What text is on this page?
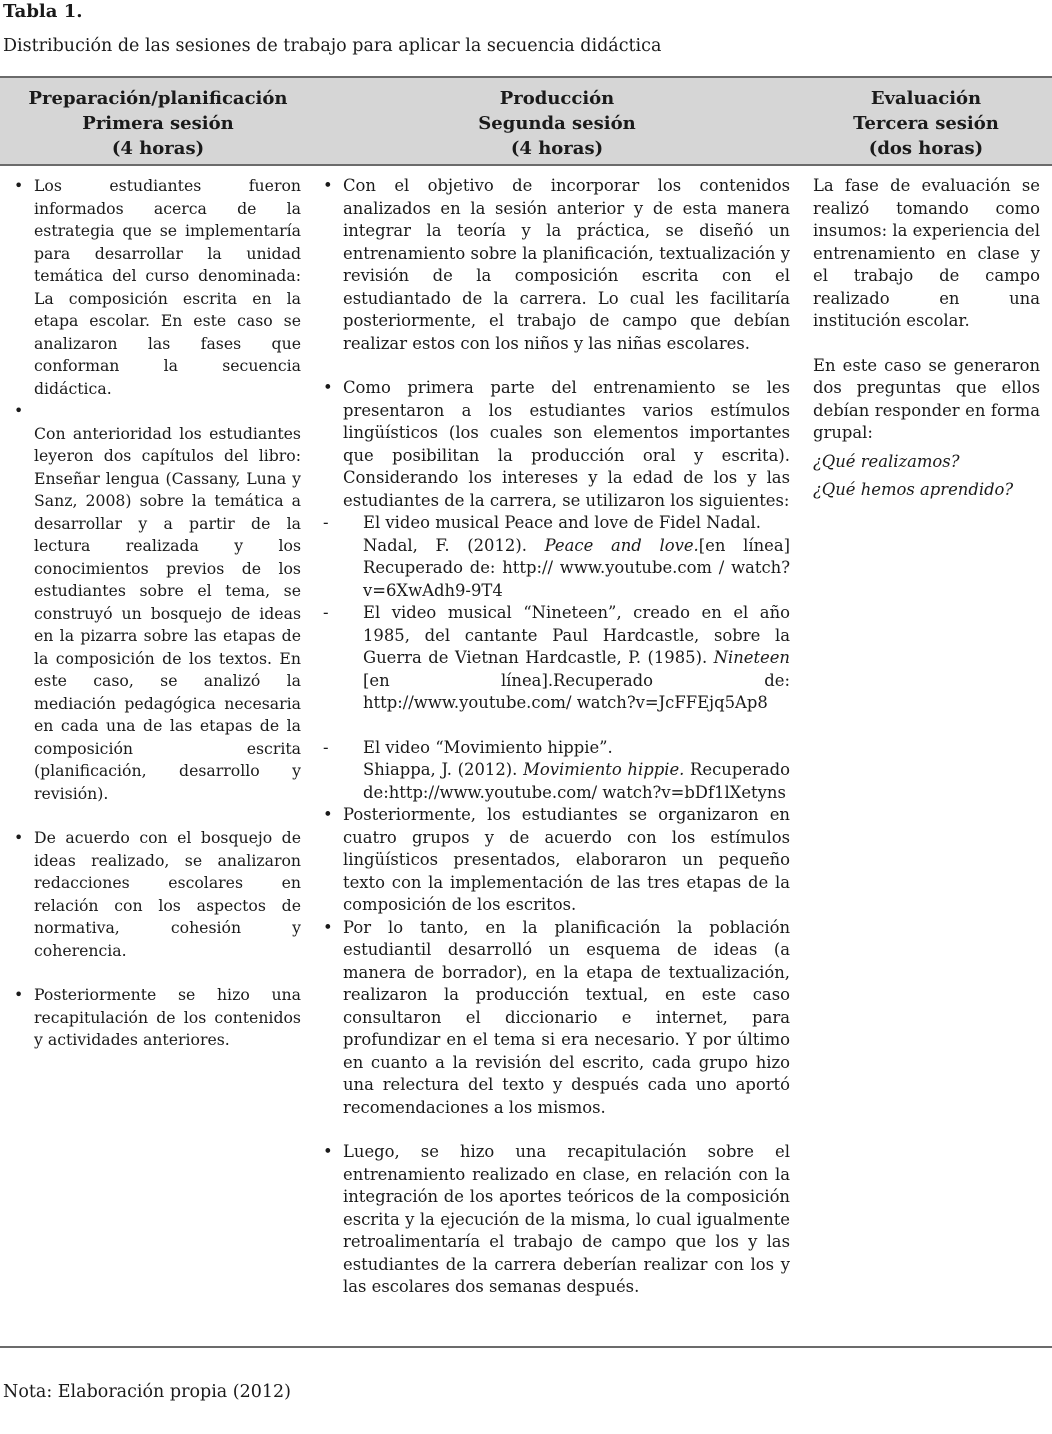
Tabla 1.
Distribución de las sesiones de trabajo para aplicar la secuencia didáctica
Preparación/planificación
Primera sesión
(4 horas)
Producción
Segunda sesión
(4 horas)
Evaluación
Tercera sesión
(dos horas)
• Los estudiantes fueron informados acerca de la estrategia que se implementaría para desarrollar la unidad temática del curso denominada: La composición escrita en la etapa escolar. En este caso se analizaron las fases que conforman la secuencia didáctica.

•

Con anterioridad los estudiantes leyeron dos capítulos del libro: Enseñar lengua (Cassany, Luna y Sanz, 2008) sobre la temática a desarrollar y a partir de la lectura realizada y los conocimientos previos de los estudiantes sobre el tema, se construyó un bosquejo de ideas en la pizarra sobre las etapas de la composición de los textos. En este caso, se analizó la mediación pedagógica necesaria en cada una de las etapas de la composición escrita (planificación, desarrollo y revisión).

• De acuerdo con el bosquejo de ideas realizado, se analizaron redacciones escolares en relación con los aspectos de normativa, cohesión y coherencia.

• Posteriormente se hizo una recapitulación de los contenidos y actividades anteriores.

• Con el objetivo de incorporar los contenidos analizados en la sesión anterior y de esta manera integrar la teoría y la práctica, se diseñó un entrenamiento sobre la planificación, textualización y revisión de la composición escrita con el estudiantado de la carrera. Lo cual les facilitaría posteriormente, el trabajo de campo que debían realizar estos con los niños y las niñas escolares.

• Como primera parte del entrenamiento se les presentaron a los estudiantes varios estímulos lingüísticos (los cuales son elementos importantes que posibilitan la producción oral y escrita). Considerando los intereses y la edad de los y las estudiantes de la carrera, se utilizaron los siguientes:

- El video musical Peace and love de Fidel Nadal.

Nadal, F. (2012). Peace and love.[en línea] Recuperado de: http:// www.youtube.com / watch?v=6XwAdh9-9T4

- El video musical “Nineteen”, creado en el año 1985, del cantante Paul Hardcastle, sobre la Guerra de Vietnan Hardcastle, P. (1985). Nineteen [en línea].Recuperado de: http://www.youtube.com/ watch?v=JcFFEjq5Ap8

- El video “Movimiento hippie”.

Shiappa, J. (2012). Movimiento hippie. Recuperado de:http://www.youtube.com/ watch?v=bDf1lXetyns

• Posteriormente, los estudiantes se organizaron en cuatro grupos y de acuerdo con los estímulos lingüísticos presentados, elaboraron un pequeño texto con la implementación de las tres etapas de la composición de los escritos.

• Por lo tanto, en la planificación la población estudiantil desarrolló un esquema de ideas (a manera de borrador), en la etapa de textualización, realizaron la producción textual, en este caso consultaron el diccionario e internet, para profundizar en el tema si era necesario. Y por último en cuanto a la revisión del escrito, cada grupo hizo una relectura del texto y después cada uno aportó recomendaciones a los mismos.

• Luego, se hizo una recapitulación sobre el entrenamiento realizado en clase, en relación con la integración de los aportes teóricos de la composición escrita y la ejecución de la misma, lo cual igualmente retroalimentaría el trabajo de campo que los y las estudiantes de la carrera deberían realizar con los y las escolares dos semanas después.

La fase de evaluación se realizó tomando como insumos: la experiencia del entrenamiento en clase y el trabajo de campo realizado en una institución escolar.

En este caso se generaron dos preguntas que ellos debían responder en forma grupal:

¿Qué realizamos?

¿Qué hemos aprendido?

Nota: Elaboración propia (2012)
